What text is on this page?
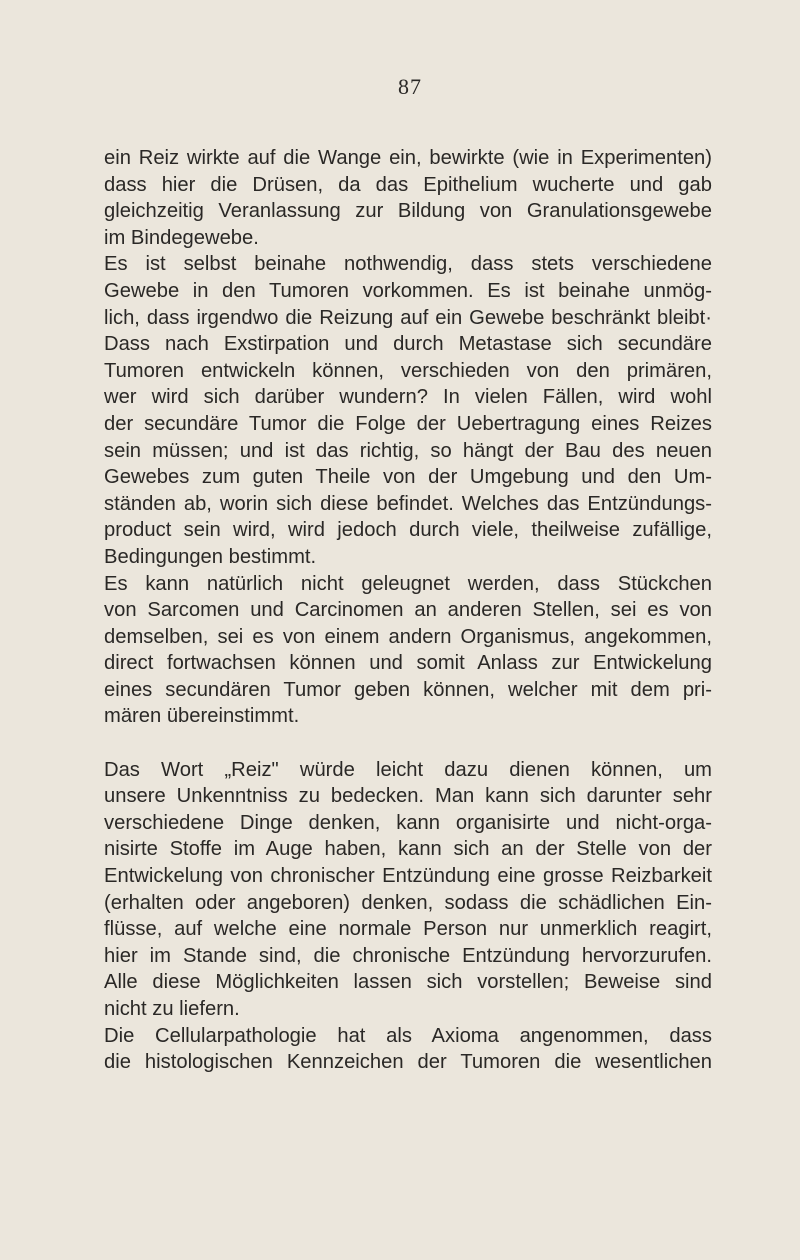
87
ein Reiz wirkte auf die Wange ein, bewirkte (wie in Experimenten)
dass hier die Drüsen, da das Epithelium wucherte und gab
gleichzeitig Veranlassung zur Bildung von Granulationsgewebe
im Bindegewebe.
Es ist selbst beinahe nothwendig, dass stets verschiedene
Gewebe in den Tumoren vorkommen. Es ist beinahe unmög-
lich, dass irgendwo die Reizung auf ein Gewebe beschränkt bleibt·
Dass nach Exstirpation und durch Metastase sich secundäre
Tumoren entwickeln können, verschieden von den primären,
wer wird sich darüber wundern? In vielen Fällen, wird wohl
der secundäre Tumor die Folge der Uebertragung eines Reizes
sein müssen; und ist das richtig, so hängt der Bau des neuen
Gewebes zum guten Theile von der Umgebung und den Um-
ständen ab, worin sich diese befindet. Welches das Entzündungs-
product sein wird, wird jedoch durch viele, theilweise zufällige,
Bedingungen bestimmt.
Es kann natürlich nicht geleugnet werden, dass Stückchen
von Sarcomen und Carcinomen an anderen Stellen, sei es von
demselben, sei es von einem andern Organismus, angekommen,
direct fortwachsen können und somit Anlass zur Entwickelung
eines secundären Tumor geben können, welcher mit dem pri-
mären übereinstimmt.
Das Wort „Reiz" würde leicht dazu dienen können, um
unsere Unkenntniss zu bedecken. Man kann sich darunter sehr
verschiedene Dinge denken, kann organisirte und nicht-orga-
nisirte Stoffe im Auge haben, kann sich an der Stelle von der
Entwickelung von chronischer Entzündung eine grosse Reizbarkeit
(erhalten oder angeboren) denken, sodass die schädlichen Ein-
flüsse, auf welche eine normale Person nur unmerklich reagirt,
hier im Stande sind, die chronische Entzündung hervorzurufen.
Alle diese Möglichkeiten lassen sich vorstellen; Beweise sind
nicht zu liefern.
Die Cellularpathologie hat als Axioma angenommen, dass
die histologischen Kennzeichen der Tumoren die wesentlichen
